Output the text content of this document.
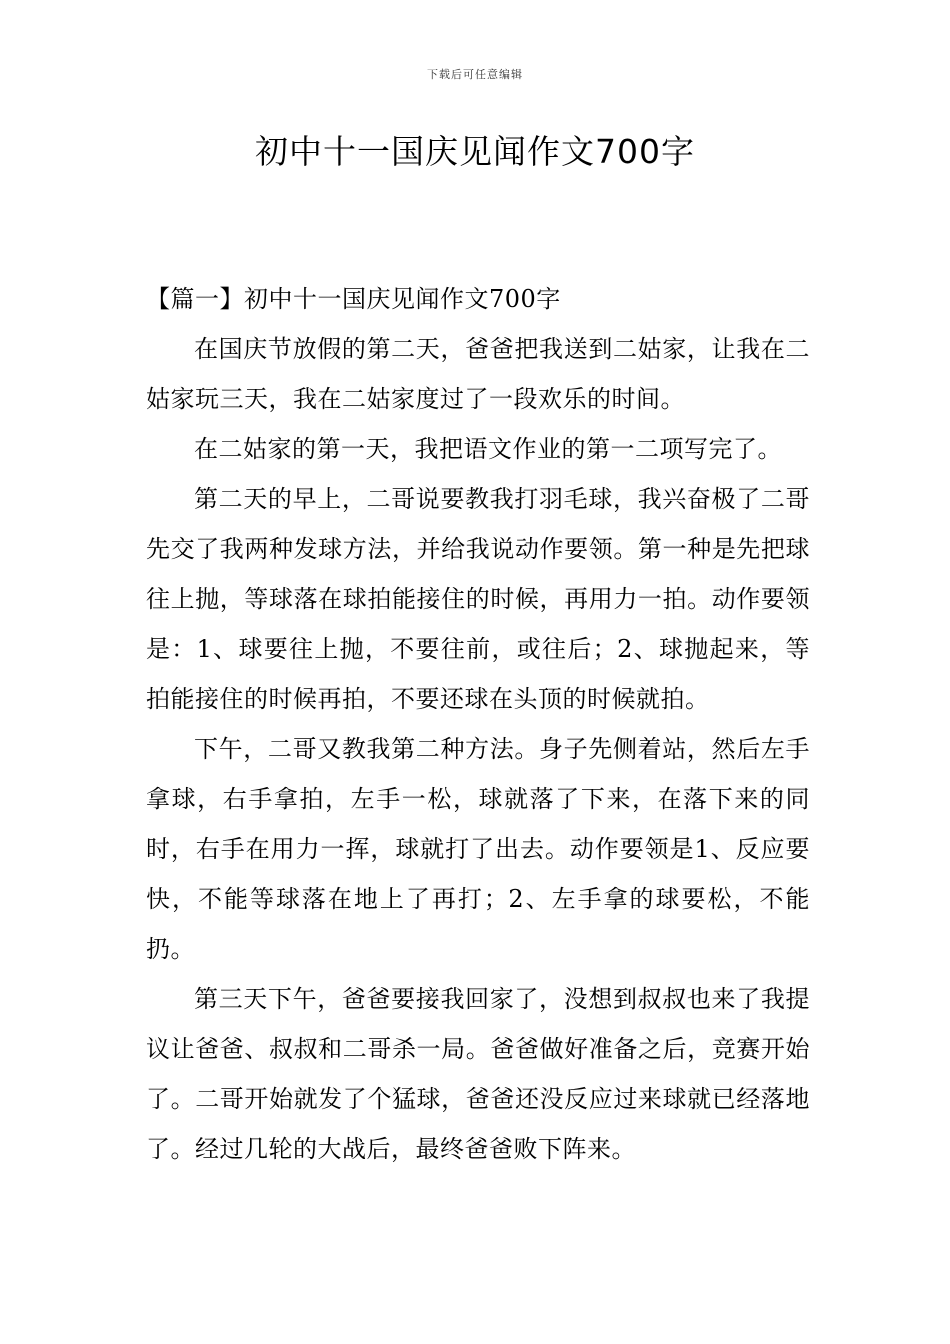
下载后可任意编辑
初中十一国庆见闻作文700字

【篇一】初中十一国庆见闻作文700字

在国庆节放假的第二天，爸爸把我送到二姑家，让我在二姑家玩三天，我在二姑家度过了一段欢乐的时间。

在二姑家的第一天，我把语文作业的第一二项写完了。

第二天的早上，二哥说要教我打羽毛球，我兴奋极了二哥先交了我两种发球方法，并给我说动作要领。第一种是先把球往上抛，等球落在球拍能接住的时候，再用力一拍。动作要领是：1、球要往上抛，不要往前，或往后；2、球抛起来，等拍能接住的时候再拍，不要还球在头顶的时候就拍。

下午，二哥又教我第二种方法。身子先侧着站，然后左手拿球，右手拿拍，左手一松，球就落了下来，在落下来的同时，右手在用力一挥，球就打了出去。动作要领是1、反应要快，不能等球落在地上了再打；2、左手拿的球要松，不能扔。

第三天下午，爸爸要接我回家了，没想到叔叔也来了我提议让爸爸、叔叔和二哥杀一局。爸爸做好准备之后，竞赛开始了。二哥开始就发了个猛球，爸爸还没反应过来球就已经落地了。经过几轮的大战后，最终爸爸败下阵来。
